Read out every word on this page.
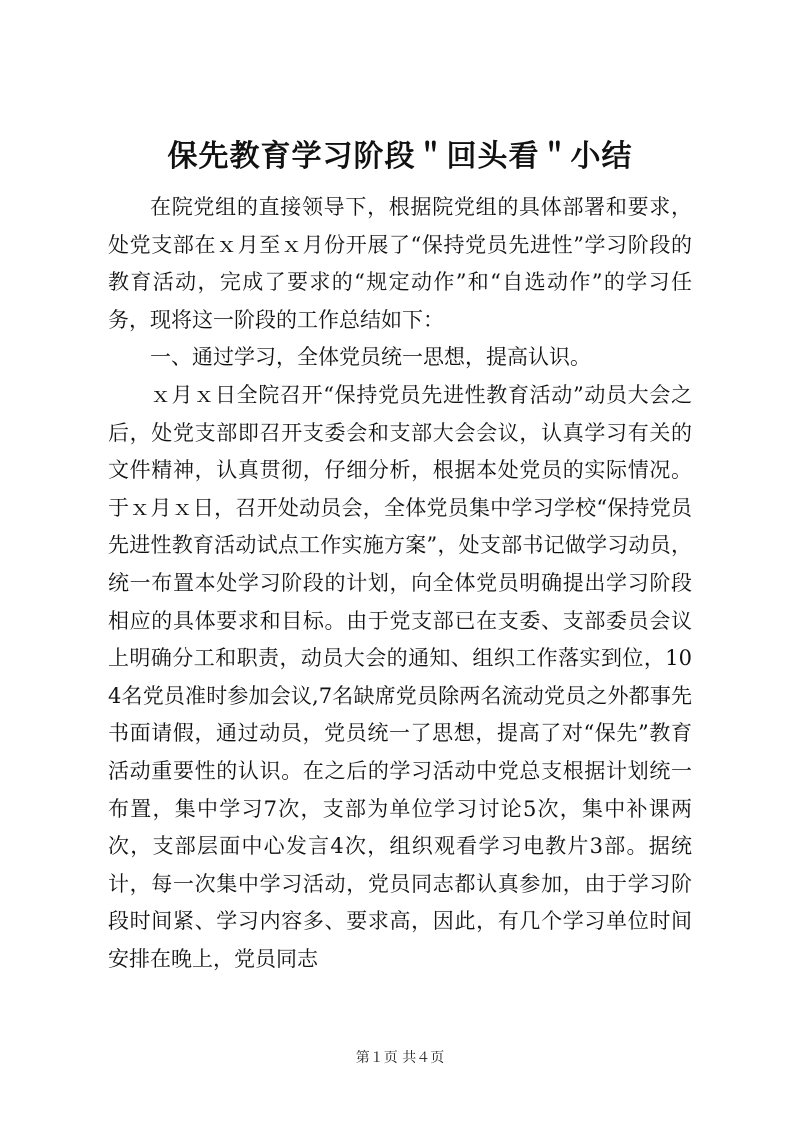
保先教育学习阶段＂回头看＂小结

在院党组的直接领导下，根据院党组的具体部署和要求，处党支部在ｘ月至ｘ月份开展了“保持党员先进性”学习阶段的教育活动，完成了要求的“规定动作”和“自选动作”的学习任务，现将这一阶段的工作总结如下：

一、通过学习，全体党员统一思想，提高认识。

ｘ月ｘ日全院召开“保持党员先进性教育活动”动员大会之后，处党支部即召开支委会和支部大会会议，认真学习有关的文件精神，认真贯彻，仔细分析，根据本处党员的实际情况。于ｘ月ｘ日，召开处动员会，全体党员集中学习学校“保持党员先进性教育活动试点工作实施方案”，处支部书记做学习动员，统一布置本处学习阶段的计划，向全体党员明确提出学习阶段相应的具体要求和目标。由于党支部已在支委、支部委员会议上明确分工和职责，动员大会的通知、组织工作落实到位，104名党员准时参加会议,7名缺席党员除两名流动党员之外都事先书面请假，通过动员，党员统一了思想，提高了对“保先”教育活动重要性的认识。在之后的学习活动中党总支根据计划统一布置，集中学习7次，支部为单位学习讨论5次，集中补课两次，支部层面中心发言4次，组织观看学习电教片3部。据统计，每一次集中学习活动，党员同志都认真参加，由于学习阶段时间紧、学习内容多、要求高，因此，有几个学习单位时间安排在晚上，党员同志

第１页 共４页
